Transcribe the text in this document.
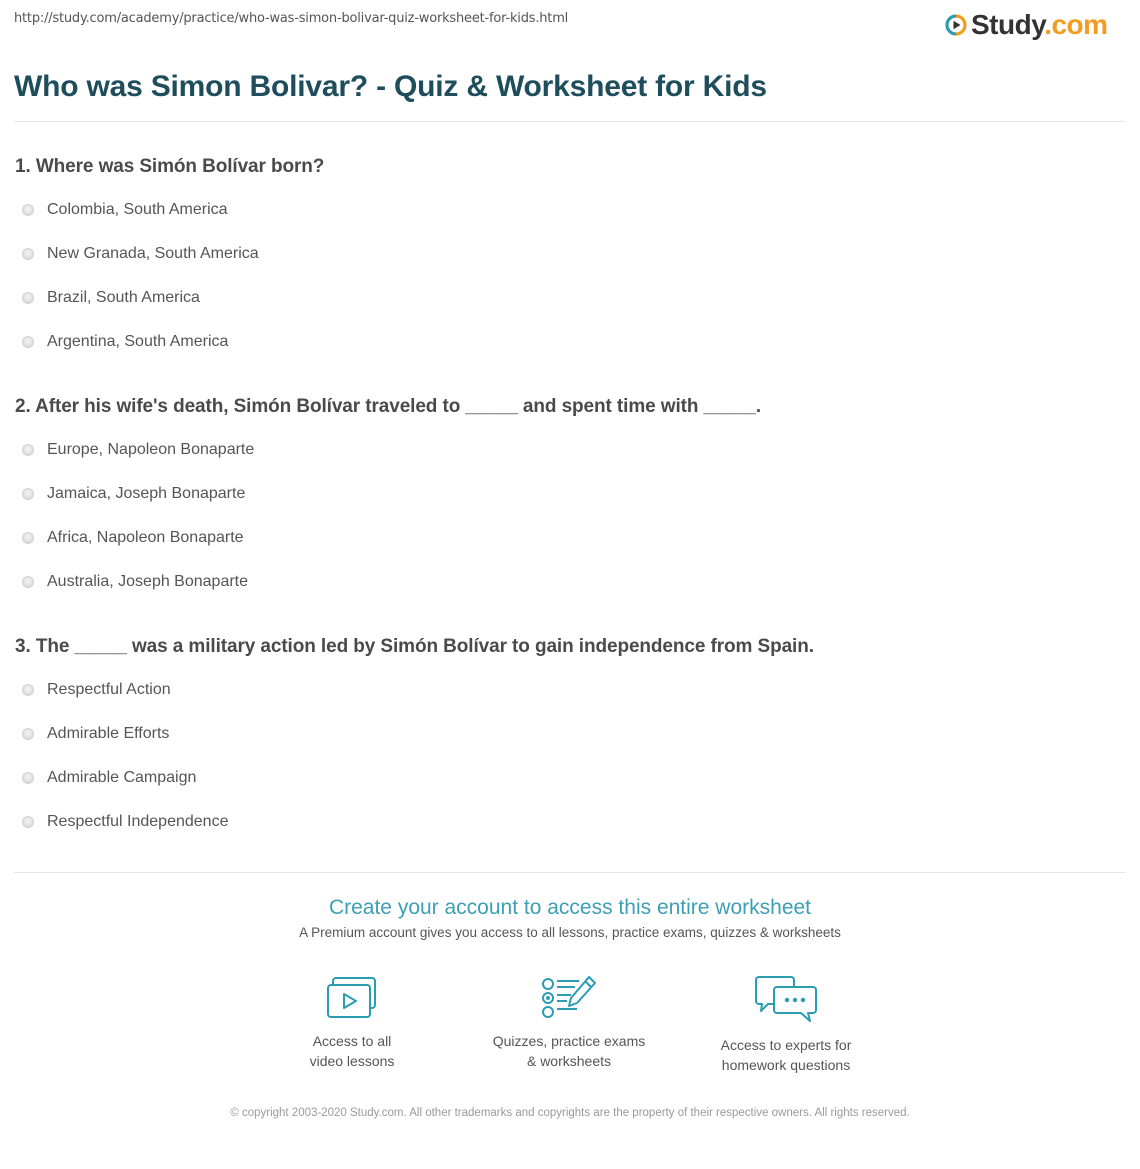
http://study.com/academy/practice/who-was-simon-bolivar-quiz-worksheet-for-kids.html	Study.com
Who was Simon Bolivar? - Quiz & Worksheet for Kids
1. Where was Simón Bolívar born?
Colombia, South America
New Granada, South America
Brazil, South America
Argentina, South America
2. After his wife's death, Simón Bolívar traveled to _____ and spent time with _____.
Europe, Napoleon Bonaparte
Jamaica, Joseph Bonaparte
Africa, Napoleon Bonaparte
Australia, Joseph Bonaparte
3. The _____ was a military action led by Simón Bolívar to gain independence from Spain.
Respectful Action
Admirable Efforts
Admirable Campaign
Respectful Independence
Create your account to access this entire worksheet
A Premium account gives you access to all lessons, practice exams, quizzes & worksheets
Access to all
video lessons
Quizzes, practice exams
& worksheets
Access to experts for
homework questions
© copyright 2003-2020 Study.com. All other trademarks and copyrights are the property of their respective owners. All rights reserved.
